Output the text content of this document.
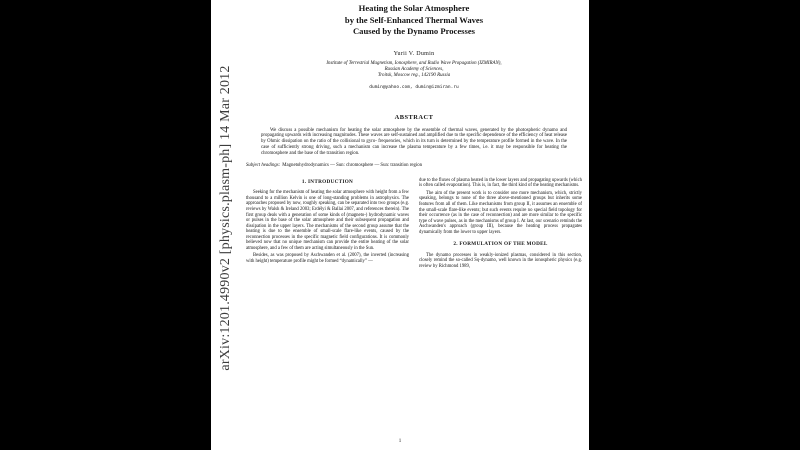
arXiv:1201.4990v2 [physics.plasm-ph] 14 Mar 2012
Heating the Solar Atmosphere
by the Self-Enhanced Thermal Waves
Caused by the Dynamo Processes
Yurii V. Dumin
Institute of Terrestrial Magnetism, Ionosphere, and Radio Wave Propagation (IZMIRAN),
Russian Academy of Sciences,
Troitsk, Moscow reg., 142190 Russia
dumin@yahoo.com, dumin@izmiran.ru
ABSTRACT
We discuss a possible mechanism for heating the solar atmosphere by the ensemble of thermal waves, generated by the photospheric dynamo and propagating upwards with increasing magnitudes. These waves are self-sustained and amplified due to the specific dependence of the efficiency of heat release by Ohmic dissipation on the ratio of the collisional to gyro- frequencies, which in its turn is determined by the temperature profile formed in the wave. In the case of sufficiently strong driving, such a mechanism can increase the plasma temperature by a few times, i.e. it may be responsible for heating the chromosphere and the base of the transition region.
Subject headings: Magnetohydrodynamics — Sun: chromosphere — Sun: transition region
1. INTRODUCTION

Seeking for the mechanism of heating the solar atmosphere with height from a few thousand to a million Kelvin is one of long-standing problems in astrophysics. The approaches proposed by now, roughly speaking, can be separated into two groups (e.g. reviews by Walsh & Ireland 2003; Erdélyi & Ballai 2007, and references therein). The first group deals with a generation of some kinds of (magneto-) hydrodynamic waves or pulses in the base of the solar atmosphere and their subsequent propagation and dissipation in the upper layers. The mechanisms of the second group assume that the heating is due to the ensemble of small-scale flare-like events, caused by the reconnection processes in the specific magnetic field configurations. It is commonly believed now that no unique mechanism can provide the entire heating of the solar atmosphere, and a few of them are acting simultaneously in the Sun.

Besides, as was proposed by Aschwanden et al. (2007), the inverted (increasing with height) temperature profile might be formed “dynamically” —

due to the fluxes of plasma heated in the lower layers and propagating upwards (which is often called evaporation). This is, in fact, the third kind of the heating mechanisms.

The aim of the present work is to consider one more mechanism, which, strictly speaking, belongs to none of the three above-mentioned groups but inherits some features from all of them. Like mechanisms from group II, it assumes an ensemble of the small-scale flare-like events; but such events require no special field topology for their occurrence (as in the case of reconnection) and are more similar to the specific type of wave pulses, as in the mechanisms of group I. At last, our scenario reminds the Aschwanden's approach (group III), because the heating process propagates dynamically from the lower to upper layers.

2. FORMULATION OF THE MODEL

The dynamo processes in weakly-ionized plasmas, considered in this section, closely remind the so-called Sq-dynamo, well known in the ionospheric physics (e.g. review by Richmond 1989,

1
